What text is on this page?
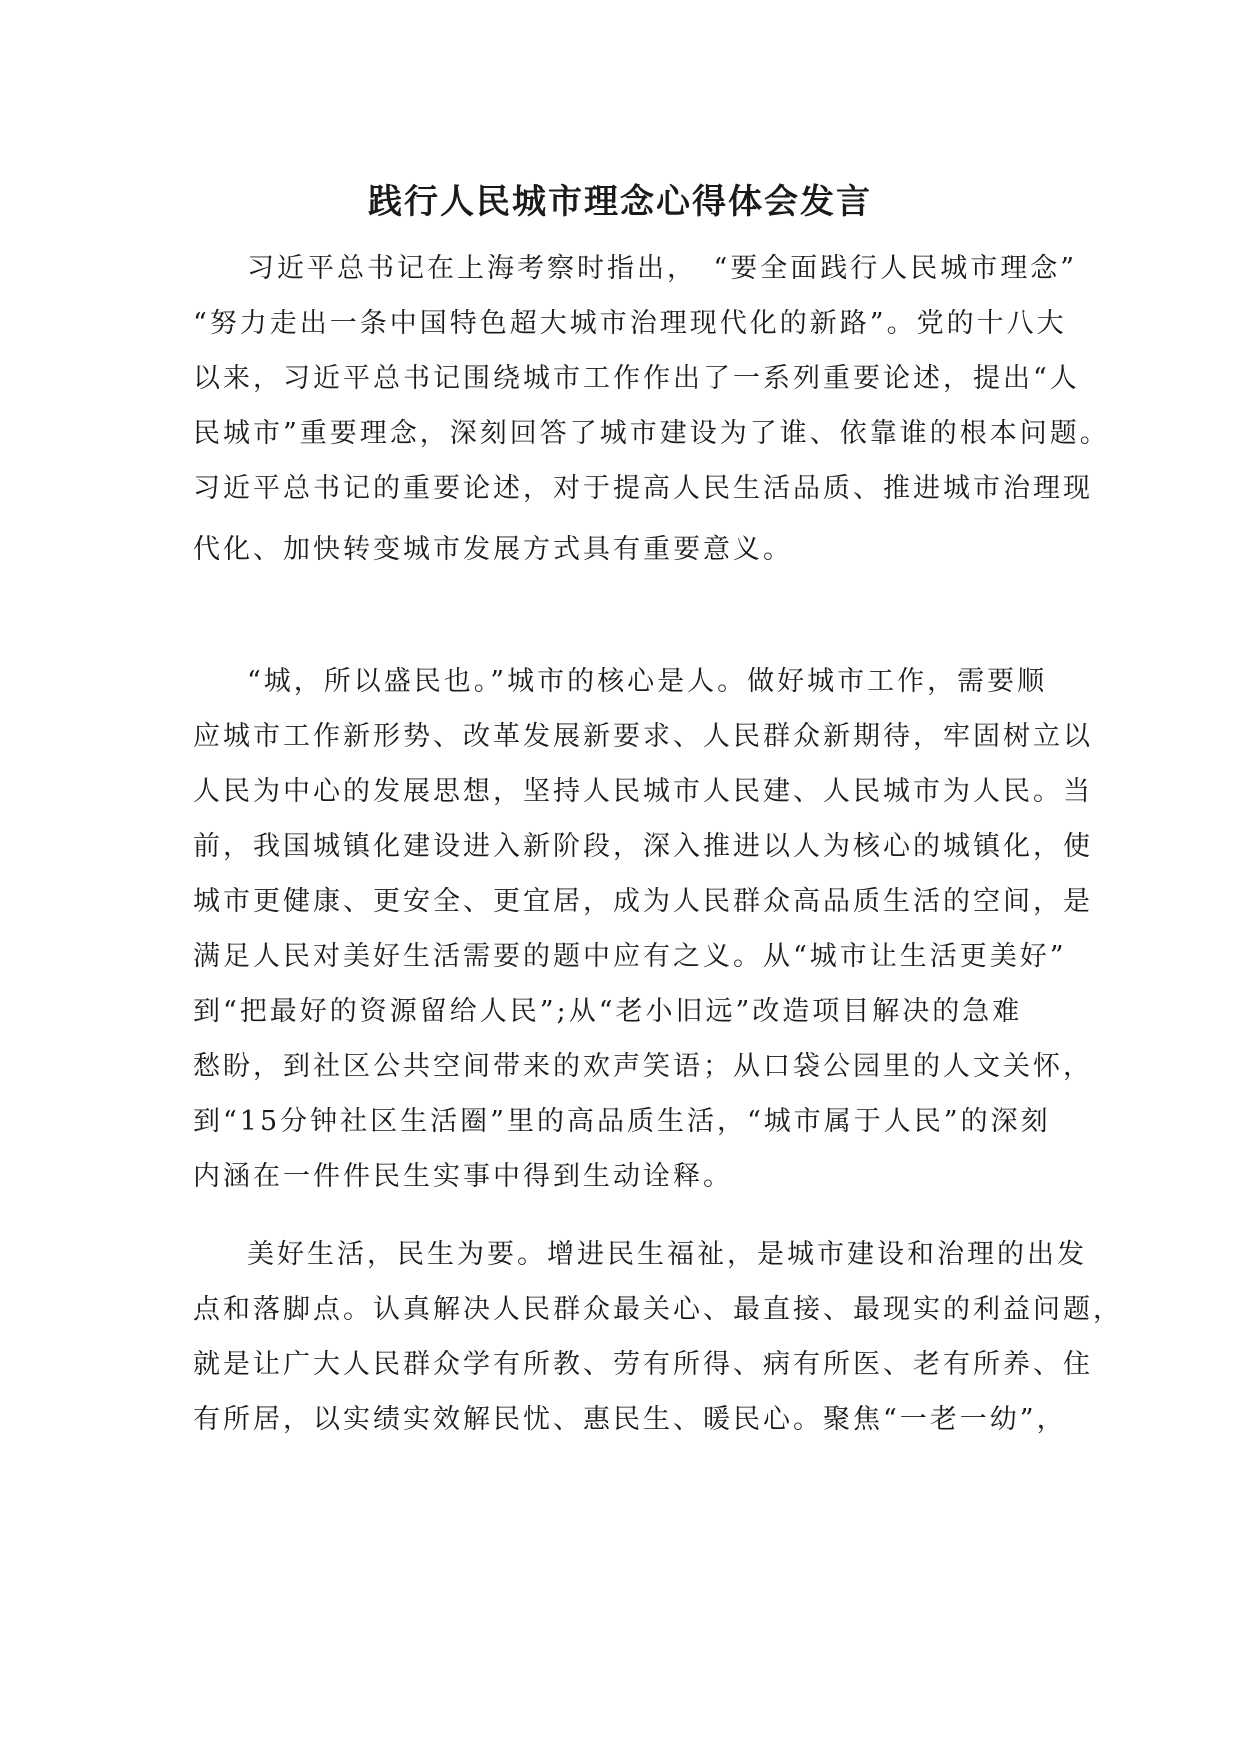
践行人民城市理念心得体会发言
习近平总书记在上海考察时指出，　“要全面践行人民城市理念”
“努力走出一条中国特色超大城市治理现代化的新路”。党的十八大
以来，习近平总书记围绕城市工作作出了一系列重要论述，提出“人
民城市”重要理念，深刻回答了城市建设为了谁、依靠谁的根本问题。
习近平总书记的重要论述，对于提高人民生活品质、推进城市治理现
代化、加快转变城市发展方式具有重要意义。
“城，所以盛民也。”城市的核心是人。做好城市工作，需要顺
应城市工作新形势、改革发展新要求、人民群众新期待，牢固树立以
人民为中心的发展思想，坚持人民城市人民建、人民城市为人民。当
前，我国城镇化建设进入新阶段，深入推进以人为核心的城镇化，使
城市更健康、更安全、更宜居，成为人民群众高品质生活的空间，是
满足人民对美好生活需要的题中应有之义。从“城市让生活更美好”
到“把最好的资源留给人民”;从“老小旧远”改造项目解决的急难
愁盼，到社区公共空间带来的欢声笑语；从口袋公园里的人文关怀，
到“15分钟社区生活圈”里的高品质生活，“城市属于人民”的深刻
内涵在一件件民生实事中得到生动诠释。
美好生活，民生为要。增进民生福祉，是城市建设和治理的出发
点和落脚点。认真解决人民群众最关心、最直接、最现实的利益问题，
就是让广大人民群众学有所教、劳有所得、病有所医、老有所养、住
有所居，以实绩实效解民忧、惠民生、暖民心。聚焦“一老一幼”，
